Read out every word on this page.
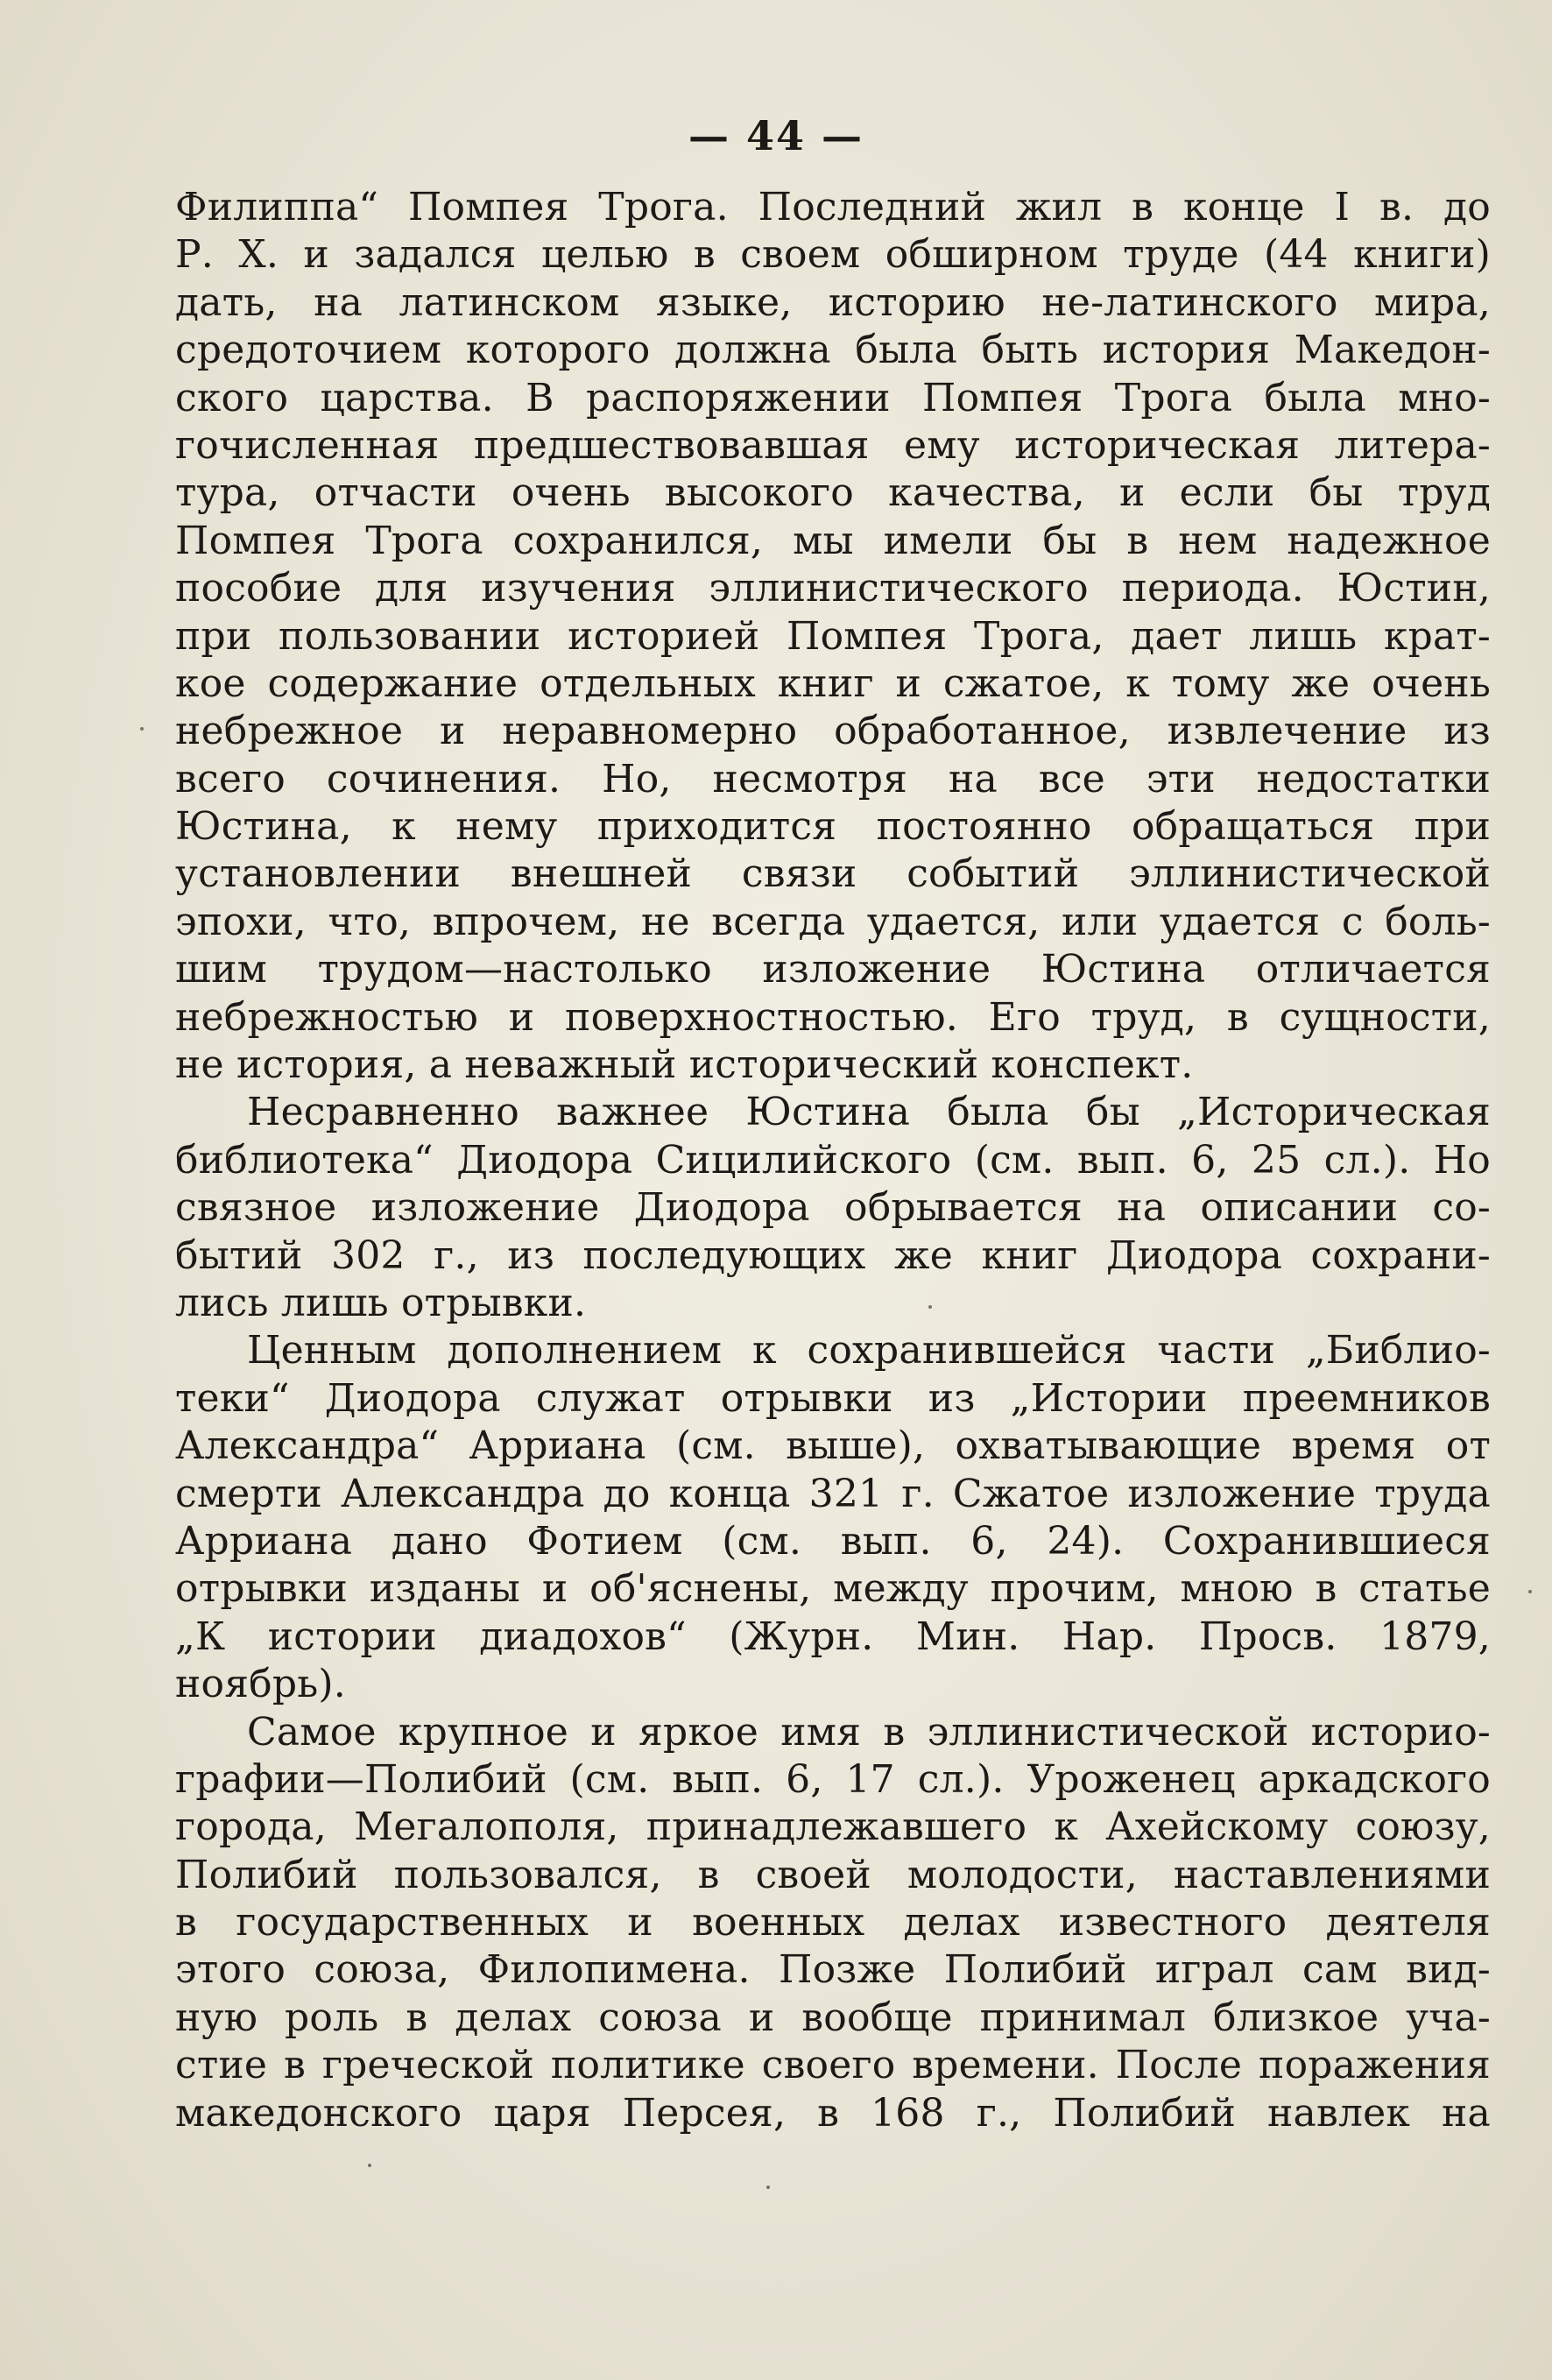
— 44 —
Филиппа“ Помпея Трога. Последний жил в конце I в. до
Р. Х. и задался целью в своем обширном труде (44 книги)
дать, на латинском языке, историю не-латинского мира,
средоточием которого должна была быть история Македон-
ского царства. В распоряжении Помпея Трога была мно-
гочисленная предшествовавшая ему историческая литера-
тура, отчасти очень высокого качества, и если бы труд
Помпея Трога сохранился, мы имели бы в нем надежное
пособие для изучения эллинистического периода. Юстин,
при пользовании историей Помпея Трога, дает лишь крат-
кое содержание отдельных книг и сжатое, к тому же очень
небрежное и неравномерно обработанное, извлечение из
всего сочинения. Но, несмотря на все эти недостатки
Юстина, к нему приходится постоянно обращаться при
установлении внешней связи событий эллинистической
эпохи, что, впрочем, не всегда удается, или удается с боль-
шим трудом—настолько изложение Юстина отличается
небрежностью и поверхностностью. Его труд, в сущности,
не история, а неважный исторический конспект.
Несравненно важнее Юстина была бы „Историческая
библиотека“ Диодора Сицилийского (см. вып. 6, 25 сл.). Но
связное изложение Диодора обрывается на описании со-
бытий 302 г., из последующих же книг Диодора сохрани-
лись лишь отрывки.
Ценным дополнением к сохранившейся части „Библио-
теки“ Диодора служат отрывки из „Истории преемников
Александра“ Арриана (см. выше), охватывающие время от
смерти Александра до конца 321 г. Сжатое изложение труда
Арриана дано Фотием (см. вып. 6, 24). Сохранившиеся
отрывки изданы и об'яснены, между прочим, мною в статье
„К истории диадохов“ (Журн. Мин. Нар. Просв. 1879,
ноябрь).
Самое крупное и яркое имя в эллинистической историо-
графии—Полибий (см. вып. 6, 17 сл.). Уроженец аркадского
города, Мегалополя, принадлежавшего к Ахейскому союзу,
Полибий пользовался, в своей молодости, наставлениями
в государственных и военных делах известного деятеля
этого союза, Филопимена. Позже Полибий играл сам вид-
ную роль в делах союза и вообще принимал близкое уча-
стие в греческой политике своего времени. После поражения
македонского царя Персея, в 168 г., Полибий навлек на
